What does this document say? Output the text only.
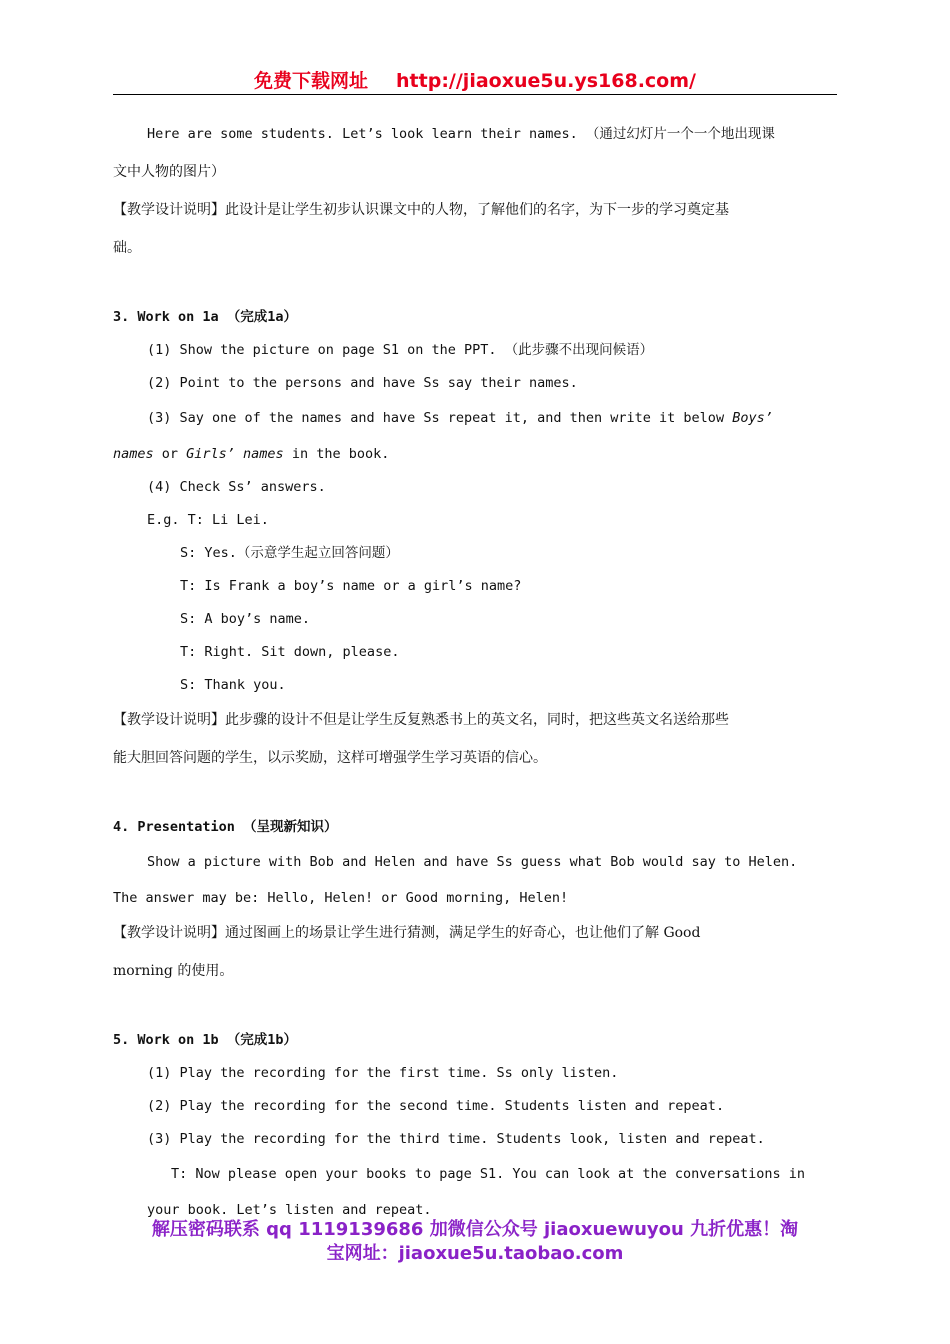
免费下载网址 http://jiaoxue5u.ys168.com/
Here are some students. Let’s look learn their names. （通过幻灯片一个一个地出现课
文中人物的图片）
【教学设计说明】此设计是让学生初步认识课文中的人物，了解他们的名字，为下一步的学习奠定基
础。
3. Work on 1a （完成1a）
(1) Show the picture on page S1 on the PPT. （此步骤不出现问候语）
(2) Point to the persons and have Ss say their names.
(3) Say one of the names and have Ss repeat it, and then write it below Boys’
names or Girls’ names in the book.
(4) Check Ss’ answers.
E.g. T: Li Lei.
S: Yes.（示意学生起立回答问题）
T: Is Frank a boy’s name or a girl’s name?
S: A boy’s name.
T: Right. Sit down, please.
S: Thank you.
【教学设计说明】此步骤的设计不但是让学生反复熟悉书上的英文名，同时，把这些英文名送给那些
能大胆回答问题的学生，以示奖励，这样可增强学生学习英语的信心。
4. Presentation （呈现新知识）
Show a picture with Bob and Helen and have Ss guess what Bob would say to Helen.
The answer may be: Hello, Helen! or Good morning, Helen!
【教学设计说明】通过图画上的场景让学生进行猜测，满足学生的好奇心，也让他们了解 Good
morning 的使用。
5. Work on 1b （完成1b）
(1) Play the recording for the first time. Ss only listen.
(2) Play the recording for the second time. Students listen and repeat.
(3) Play the recording for the third time. Students look, listen and repeat.
T: Now please open your books to page S1. You can look at the conversations in
your book. Let’s listen and repeat.
解压密码联系 qq 1119139686 加微信公众号 jiaoxuewuyou 九折优惠！淘
宝网址：jiaoxue5u.taobao.com
